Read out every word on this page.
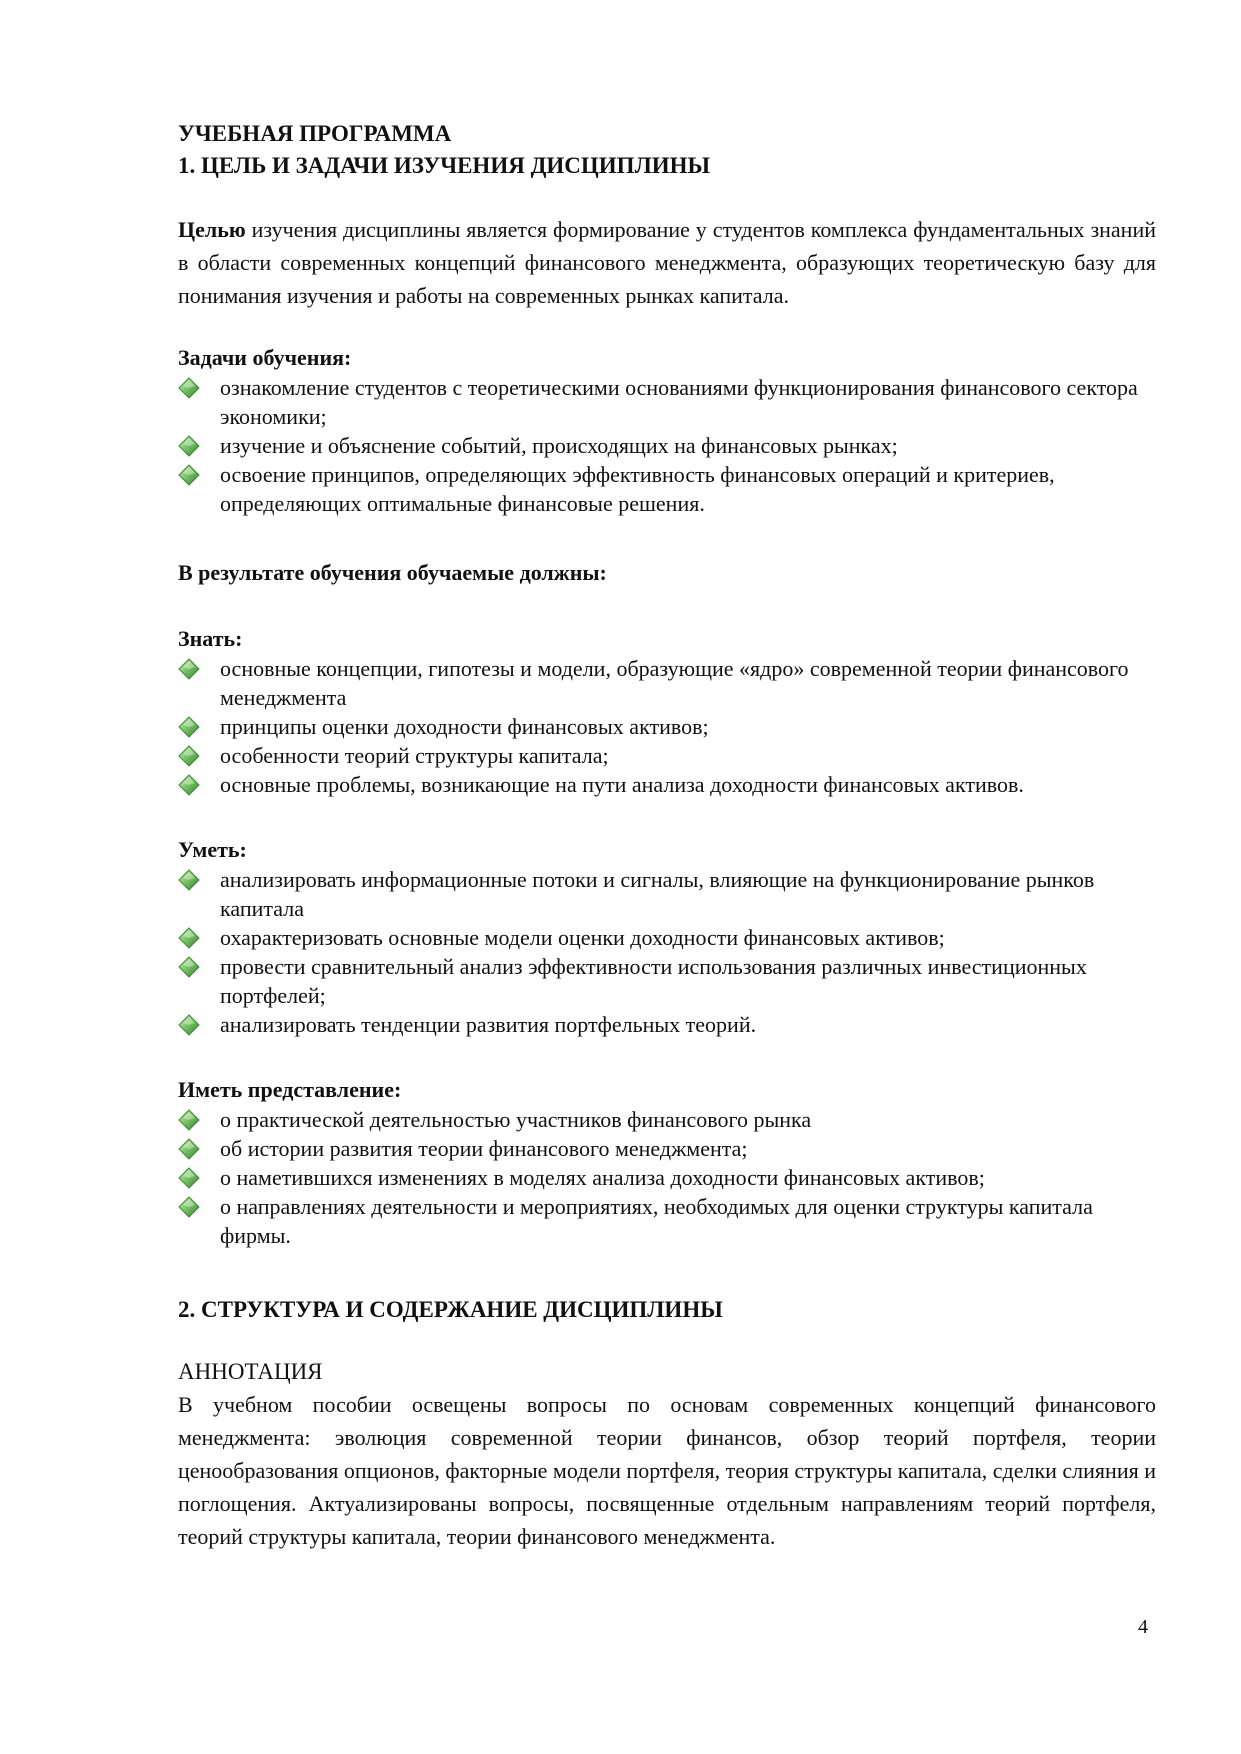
УЧЕБНАЯ ПРОГРАММА

1. ЦЕЛЬ И ЗАДАЧИ ИЗУЧЕНИЯ ДИСЦИПЛИНЫ

Целью изучения дисциплины является формирование у студентов комплекса фундаментальных знаний в области современных концепций финансового менеджмента, образующих теоретическую базу для понимания изучения и работы на современных рынках капитала.

Задачи обучения:

ознакомление студентов с теоретическими основаниями функционирования финансового сектора экономики;
изучение и объяснение событий, происходящих на финансовых рынках;
освоение принципов, определяющих эффективность финансовых операций и критериев, определяющих оптимальные финансовые решения.

В результате обучения обучаемые должны:

Знать:

основные концепции, гипотезы и модели, образующие «ядро» современной теории финансового менеджмента
принципы оценки доходности финансовых активов;
особенности теорий структуры капитала;
основные проблемы, возникающие на пути анализа доходности финансовых активов.

Уметь:

анализировать информационные потоки и сигналы, влияющие на функционирование рынков капитала
охарактеризовать основные модели оценки доходности финансовых активов;
провести сравнительный анализ эффективности использования различных инвестиционных портфелей;
анализировать тенденции развития портфельных теорий.

Иметь представление:

о практической деятельностью участников финансового рынка
об истории развития теории финансового менеджмента;
о наметившихся изменениях в моделях анализа доходности финансовых активов;
о направлениях деятельности и мероприятиях, необходимых для оценки структуры капитала фирмы.

2. СТРУКТУРА И СОДЕРЖАНИЕ ДИСЦИПЛИНЫ

АННОТАЦИЯ

В учебном пособии освещены вопросы по основам современных концепций финансового менеджмента: эволюция современной теории финансов, обзор теорий портфеля, теории ценообразования опционов, факторные модели портфеля, теория структуры капитала, сделки слияния и поглощения. Актуализированы вопросы, посвященные отдельным направлениям теорий портфеля, теорий структуры капитала, теории финансового менеджмента.

4
